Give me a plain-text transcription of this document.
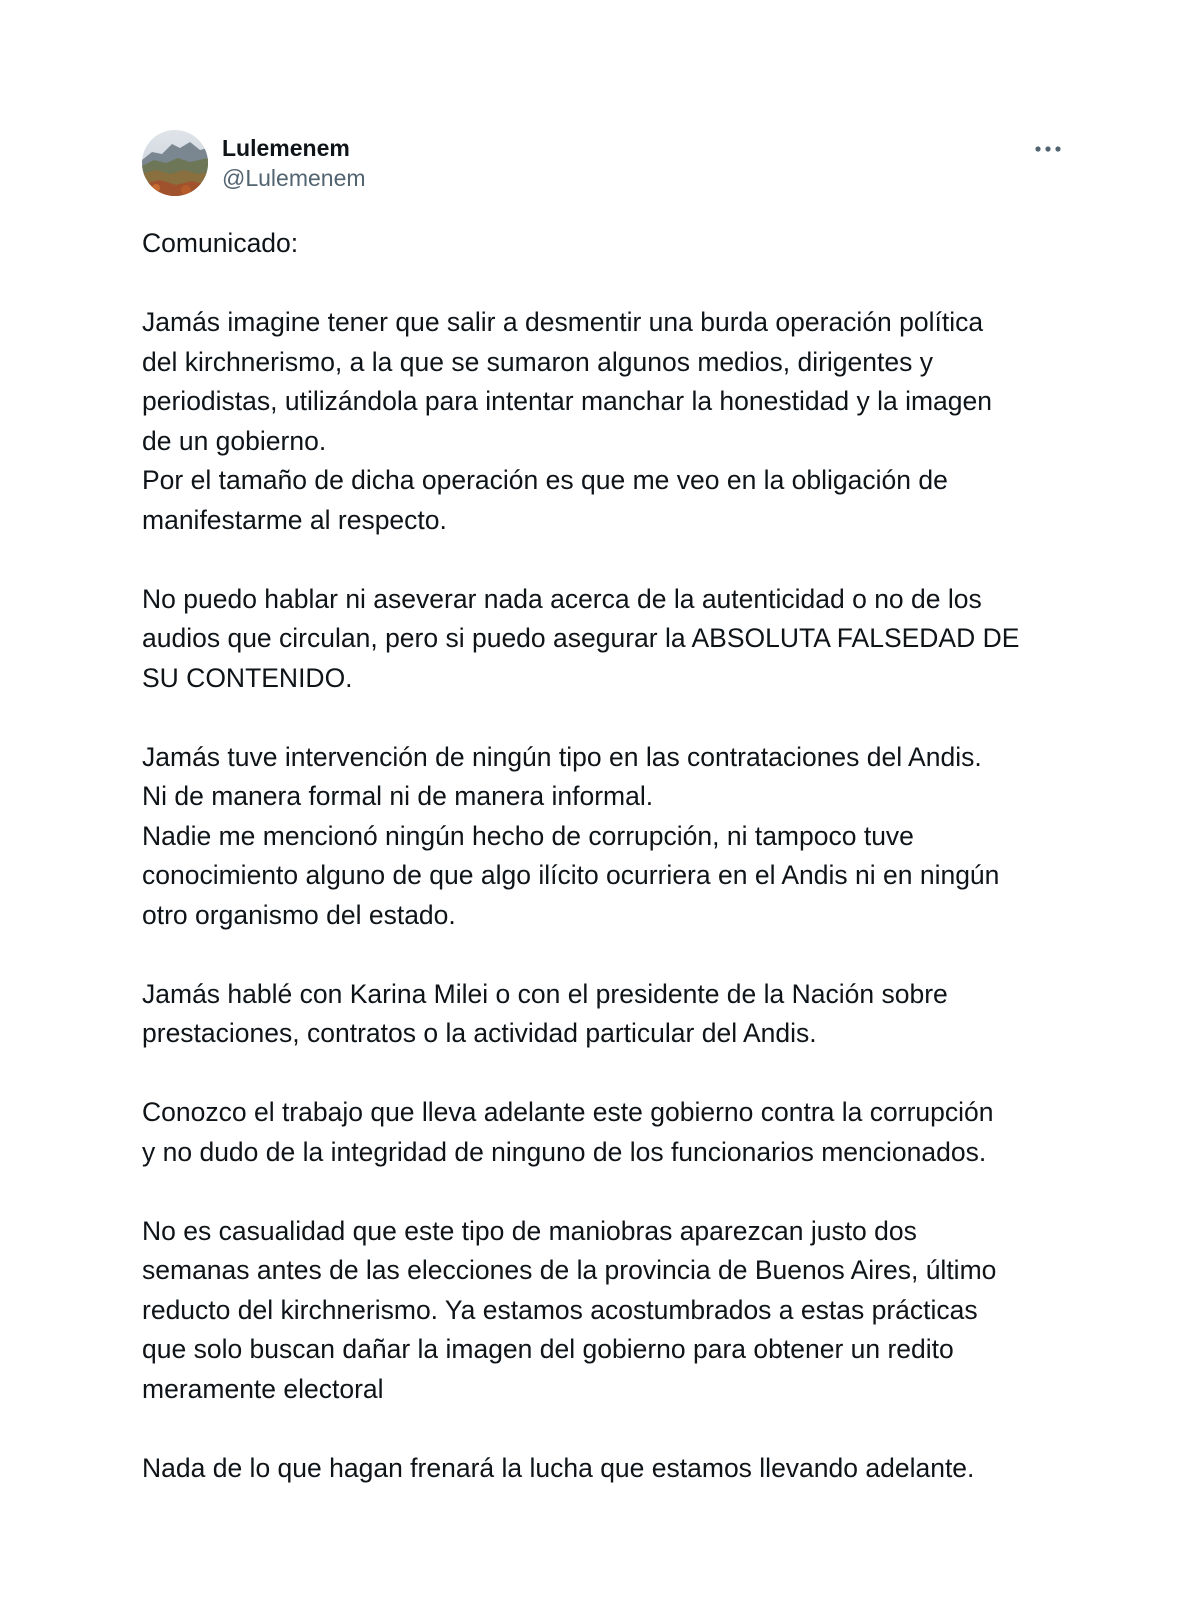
Lulemenem
@Lulemenem

Comunicado:

Jamás imagine tener que salir a desmentir una burda operación política
del kirchnerismo, a la que se sumaron algunos medios, dirigentes y
periodistas, utilizándola para intentar manchar la honestidad y la imagen
de un gobierno.
Por el tamaño de dicha operación es que me veo en la obligación de
manifestarme al respecto.

No puedo hablar ni aseverar nada acerca de la autenticidad o no de los
audios que circulan, pero si puedo asegurar la ABSOLUTA FALSEDAD DE
SU CONTENIDO.

Jamás tuve intervención de ningún tipo en las contrataciones del Andis.
Ni de manera formal ni de manera informal.
Nadie me mencionó ningún hecho de corrupción, ni tampoco tuve
conocimiento alguno de que algo ilícito ocurriera en el Andis ni en ningún
otro organismo del estado.

Jamás hablé con Karina Milei o con el presidente de la Nación sobre
prestaciones, contratos o la actividad particular del Andis.

Conozco el trabajo que lleva adelante este gobierno contra la corrupción
y no dudo de la integridad de ninguno de los funcionarios mencionados.

No es casualidad que este tipo de maniobras aparezcan justo dos
semanas antes de las elecciones de la provincia de Buenos Aires, último
reducto del kirchnerismo. Ya estamos acostumbrados a estas prácticas
que solo buscan dañar la imagen del gobierno para obtener un redito
meramente electoral

Nada de lo que hagan frenará la lucha que estamos llevando adelante.
